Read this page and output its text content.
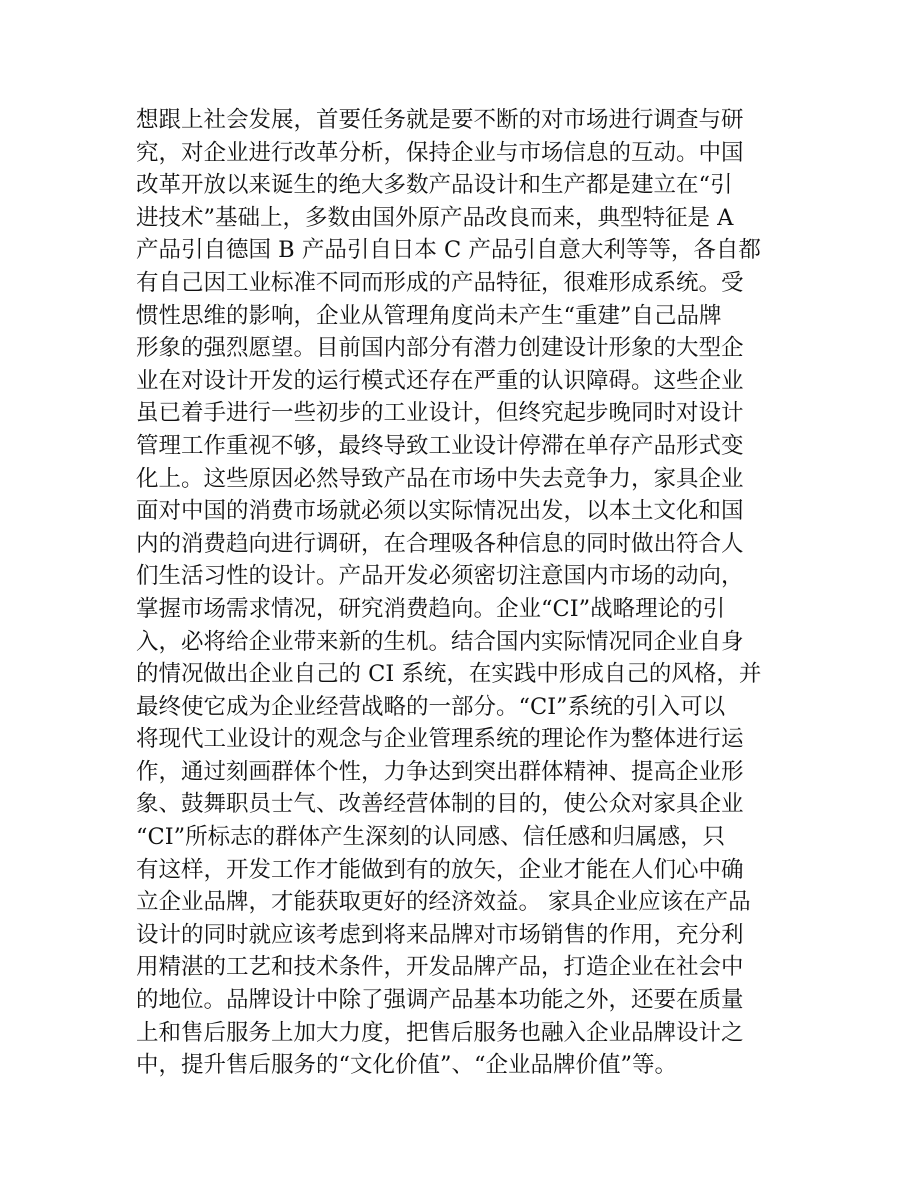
想跟上社会发展，首要任务就是要不断的对市场进行调查与研
究，对企业进行改革分析，保持企业与市场信息的互动。中国
改革开放以来诞生的绝大多数产品设计和生产都是建立在“引
进技术”基础上，多数由国外原产品改良而来，典型特征是 A
产品引自德国 B 产品引自日本 C 产品引自意大利等等，各自都
有自己因工业标准不同而形成的产品特征，很难形成系统。受
惯性思维的影响，企业从管理角度尚未产生“重建”自己品牌
形象的强烈愿望。目前国内部分有潜力创建设计形象的大型企
业在对设计开发的运行模式还存在严重的认识障碍。这些企业
虽已着手进行一些初步的工业设计，但终究起步晚同时对设计
管理工作重视不够，最终导致工业设计停滞在单存产品形式变
化上。这些原因必然导致产品在市场中失去竞争力，家具企业
面对中国的消费市场就必须以实际情况出发，以本土文化和国
内的消费趋向进行调研，在合理吸各种信息的同时做出符合人
们生活习性的设计。产品开发必须密切注意国内市场的动向，
掌握市场需求情况，研究消费趋向。企业“CI”战略理论的引
入，必将给企业带来新的生机。结合国内实际情况同企业自身
的情况做出企业自己的 CI 系统，在实践中形成自己的风格，并
最终使它成为企业经营战略的一部分。“CI”系统的引入可以
将现代工业设计的观念与企业管理系统的理论作为整体进行运
作，通过刻画群体个性，力争达到突出群体精神、提高企业形
象、鼓舞职员士气、改善经营体制的目的，使公众对家具企业
“CI”所标志的群体产生深刻的认同感、信任感和归属感，只
有这样，开发工作才能做到有的放矢，企业才能在人们心中确
立企业品牌，才能获取更好的经济效益。 家具企业应该在产品
设计的同时就应该考虑到将来品牌对市场销售的作用，充分利
用精湛的工艺和技术条件，开发品牌产品，打造企业在社会中
的地位。品牌设计中除了强调产品基本功能之外，还要在质量
上和售后服务上加大力度，把售后服务也融入企业品牌设计之
中，提升售后服务的“文化价值”、“企业品牌价值”等。
